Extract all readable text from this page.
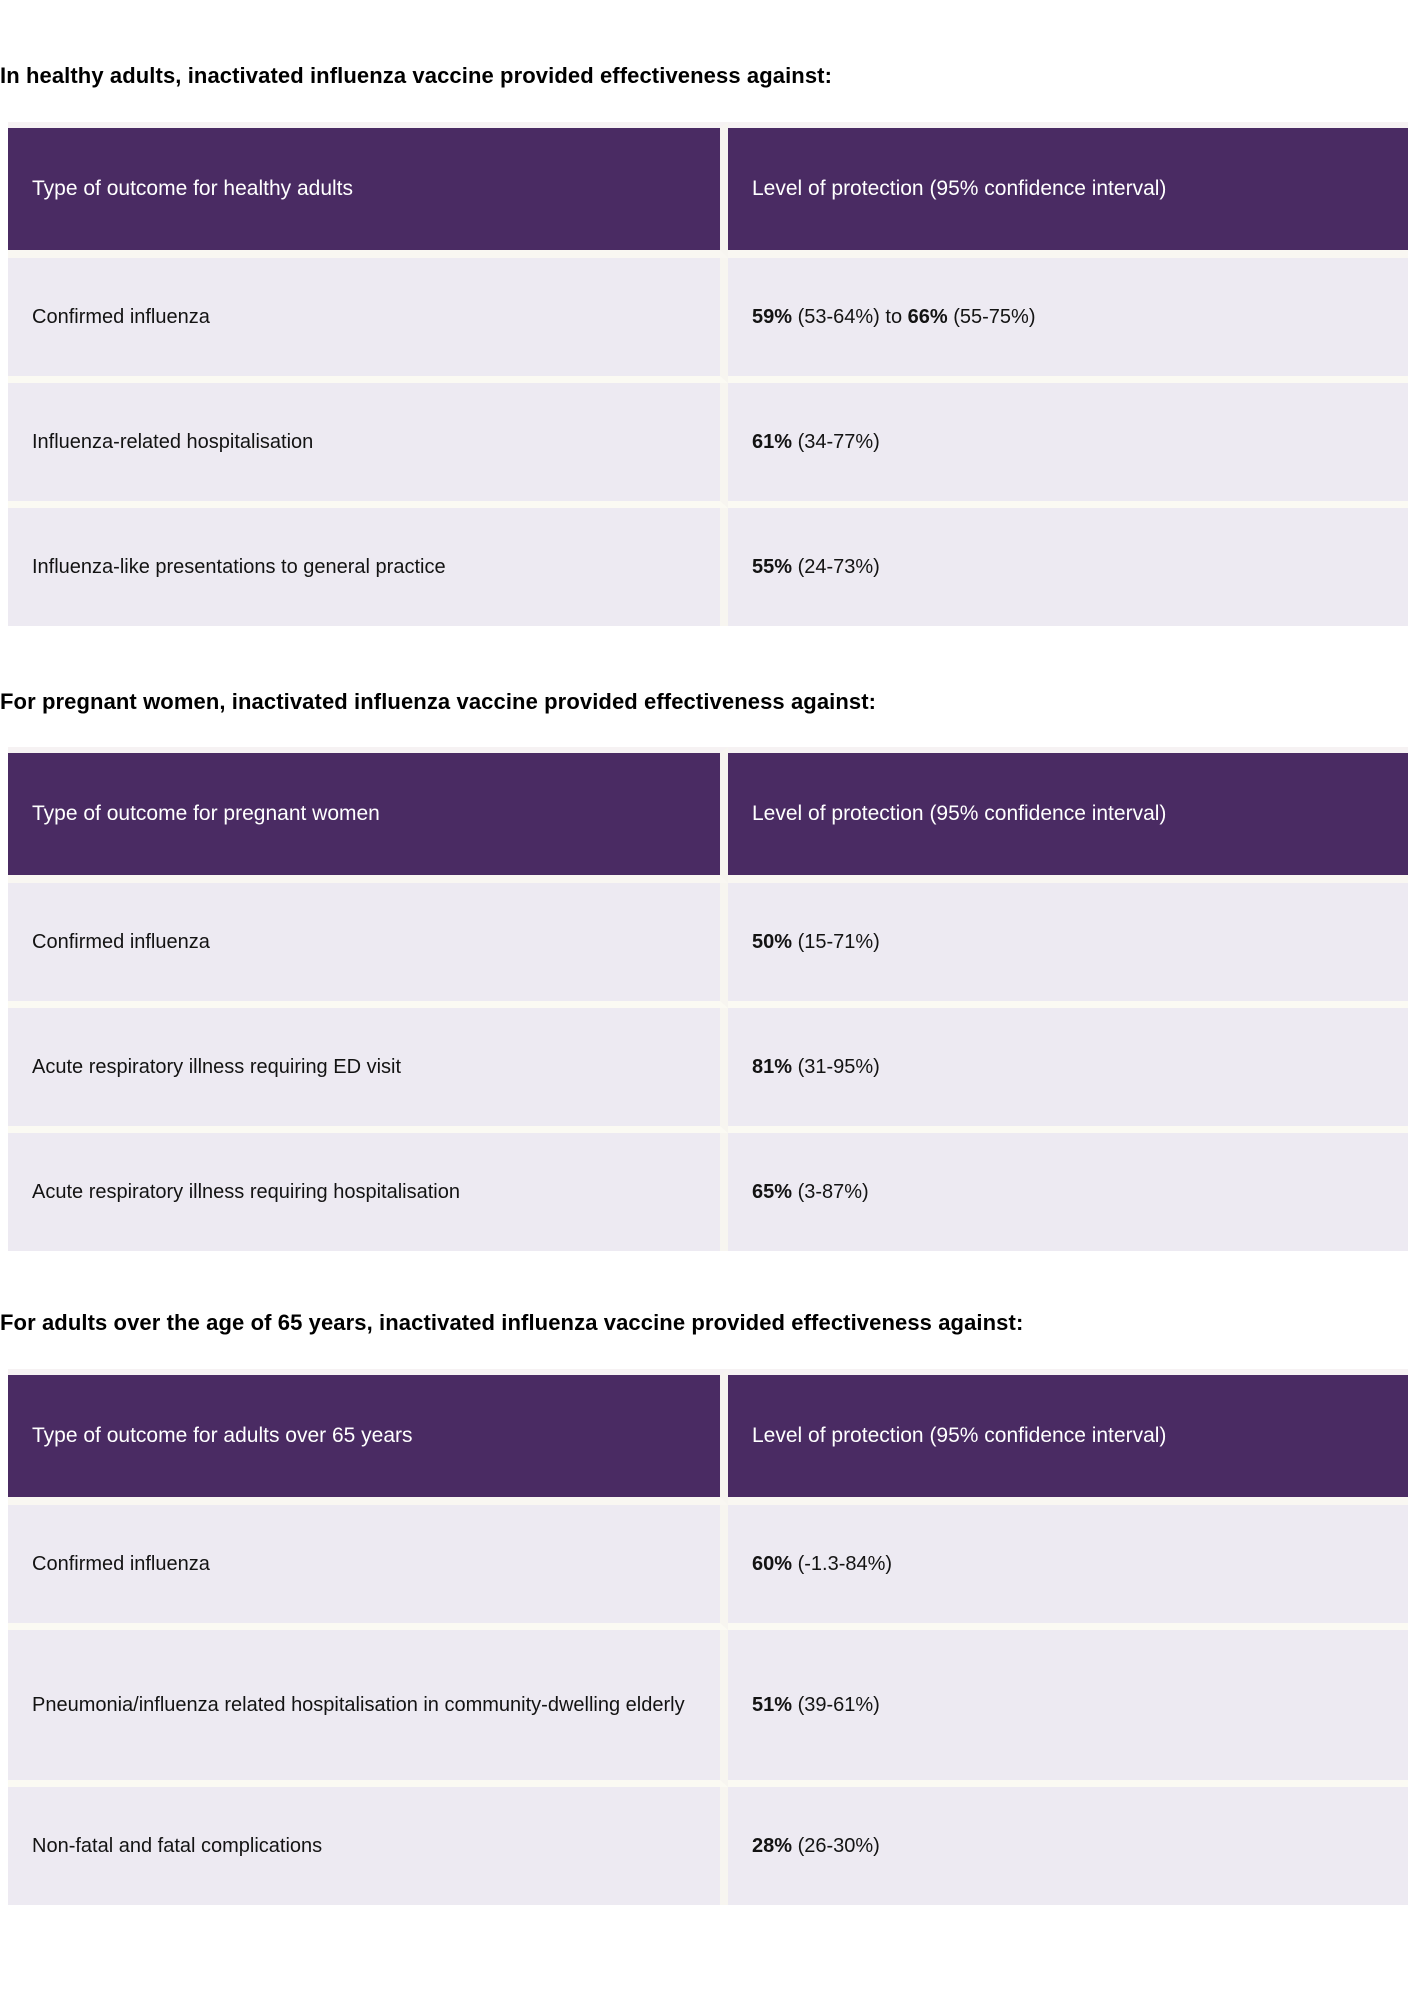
In healthy adults, inactivated influenza vaccine provided effectiveness against:
Type of outcome for healthy adults	Level of protection (95% confidence interval)
Confirmed influenza	59% (53-64%) to 66% (55-75%)
Influenza-related hospitalisation	61% (34-77%)
Influenza-like presentations to general practice	55% (24-73%)
For pregnant women, inactivated influenza vaccine provided effectiveness against:
Type of outcome for pregnant women	Level of protection (95% confidence interval)
Confirmed influenza	50% (15-71%)
Acute respiratory illness requiring ED visit	81% (31-95%)
Acute respiratory illness requiring hospitalisation	65% (3-87%)
For adults over the age of 65 years, inactivated influenza vaccine provided effectiveness against:
Type of outcome for adults over 65 years	Level of protection (95% confidence interval)
Confirmed influenza	60% (-1.3-84%)
Pneumonia/influenza related hospitalisation in community-dwelling elderly	51% (39-61%)
Non-fatal and fatal complications	28% (26-30%)
